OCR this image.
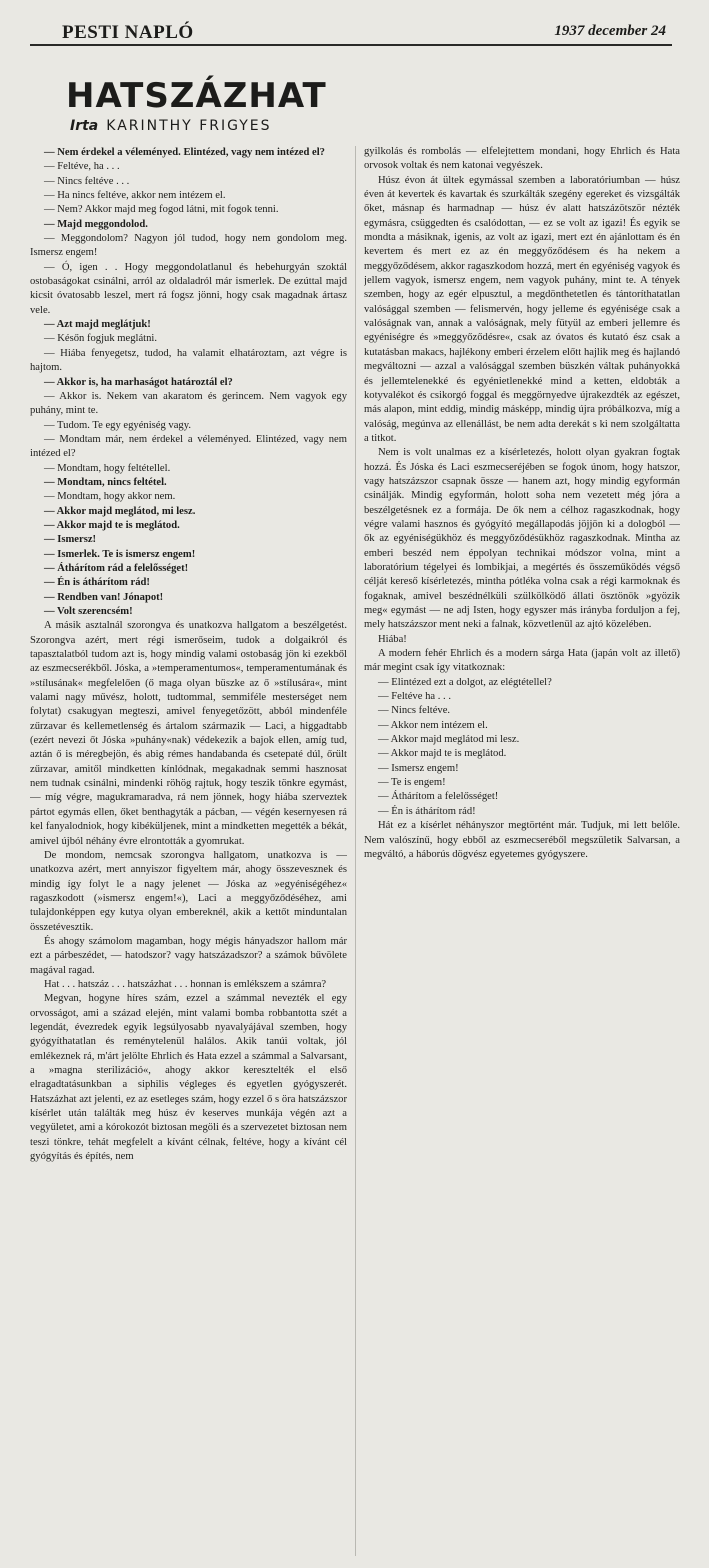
PESTI NAPLÓ	1937 december 24
HATSZÁZHAT
Irta KARINTHY FRIGYES

— Nem érdekel a véleményed. Elintézed, vagy nem intézed el?

— Feltéve, ha . . .

— Nincs feltéve . . .

— Ha nincs feltéve, akkor nem intézem el.

— Nem? Akkor majd meg fogod látni, mit fogok tenni.

— Majd meggondolod.

— Meggondolom? Nagyon jól tudod, hogy nem gondolom meg. Ismersz engem!

— Ó, igen . . Hogy meggondolatlanul és hebehurgyán szoktál ostobaságokat csinálni, arról az oldaladról már ismerlek. De ezúttal majd kicsit óvatosabb leszel, mert rá fogsz jönni, hogy csak magadnak ártasz vele.

— Azt majd meglátjuk!

— Későn fogjuk meglátni.

— Hiába fenyegetsz, tudod, ha valamit elhatároztam, azt végre is hajtom.

— Akkor is, ha marhaságot határoztál el?

— Akkor is. Nekem van akaratom és gerincem. Nem vagyok egy puhány, mint te.

— Tudom. Te egy egyéniség vagy.

— Mondtam már, nem érdekel a véleményed. Elintézed, vagy nem intézed el?

— Mondtam, hogy feltétellel.

— Mondtam, nincs feltétel.

— Mondtam, hogy akkor nem.

— Akkor majd meglátod, mi lesz.

— Akkor majd te is meglátod.

— Ismersz!

— Ismerlek. Te is ismersz engem!

— Áthárítom rád a felelősséget!

— Én is áthárítom rád!

— Rendben van! Jónapot!

— Volt szerencsém!

A másik asztalnál szorongva és unatkozva hallgatom a beszélgetést. Szorongva azért, mert régi ismerőseim, tudok a dolgaikról és tapasztalatból tudom azt is, hogy mindig valami ostobaság jön ki ezekből az eszmecserékből. Jóska, a »temperamentumos«, temperamentumának és »stílusának« megfelelően (ő maga olyan büszke az ő »stílusára«, mint valami nagy művész, holott, tudtommal, semmiféle mesterséget nem folytat) csakugyan megteszi, amivel fenyegetőzött, abból mindenféle zűrzavar és kellemetlenség és ártalom származik — Laci, a higgadtabb (ezért nevezi őt Jóska »puhány«nak) védekezik a bajok ellen, amíg tud, aztán ő is méregbejön, és abig rémes handabanda és csetepaté dúl, őrült zűrzavar, amitől mindketten kínlódnak, megakadnak semmi hasznosat nem tudnak csinálni, mindenki röhög rajtuk, hogy teszik tönkre egymást, — míg végre, magukramaradva, rá nem jönnek, hogy hiába szerveztek pártot egymás ellen, őket benthagyták a pácban, — végén kesernyesen rá kel fanyalodniok, hogy kibéküljenek, mint a mindketten megették a békát, amivel újból néhány évre elrontották a gyomrukat.

De mondom, nemcsak szorongva hallgatom, unatkozva is — unatkozva azért, mert annyiszor figyeltem már, ahogy összevesznek és mindig így folyt le a nagy jelenet — Jóska az »egyéniségéhez« ragaszkodott (»ismersz engem!«), Laci a meggyőződéséhez, ami tulajdonképpen egy kutya olyan embereknél, akik a kettőt minduntalan összetévesztik.

És ahogy számolom magamban, hogy mégis hányadszor hallom már ezt a párbeszédet, — hatodszor? vagy hatszázadszor? a számok bűvölete magával ragad.

Hat . . . hatszáz . . . hatszázhat . . . honnan is emlékszem a számra?

Megvan, hogyne híres szám, ezzel a számmal nevezték el egy orvosságot, ami a század elején, mint valami bomba robbantotta szét a legendát, évezredek egyik legsúlyosabb nyavalyájával szemben, hogy gyógyíthatatlan és reménytelenül halálos. Akik tanúi voltak, jól emlékeznek rá, m'árt jelölte Ehrlich és Hata ezzel a számmal a Salvarsant, a »magna sterilizáció«, ahogy akkor keresztelték el első elragadtatásunkban a siphilis végleges és egyetlen gyógyszerét. Hatszázhat azt jelenti, ez az esetleges szám, hogy ezzel ő s öra hatszázszor kísérlet után találták meg húsz év keserves munkája végén azt a vegyületet, ami a kórokozót biztosan megöli és a szervezetet biztosan nem teszi tönkre, tehát megfelelt a kívánt célnak, feltéve, hogy a kívánt cél gyógyítás és építés, nem

gyilkolás és rombolás — elfelejtettem mondani, hogy Ehrlich és Hata orvosok voltak és nem katonai vegyészek.

Húsz évon át ültek egymással szemben a laboratóriumban — húsz éven át kevertek és kavartak és szurkálták szegény egereket és vizsgálták őket, másnap és harmadnap — húsz év alatt hatszázötször nézték egymásra, csüggedten és csalódottan, — ez se volt az igazi! És egyik se mondta a másiknak, igenis, az volt az igazi, mert ezt én ajánlottam és én kevertem és mert ez az én meggyőződésem és ha nekem a meggyőződésem, akkor ragaszkodom hozzá, mert én egyéniség vagyok és jellem vagyok, ismersz engem, nem vagyok puhány, mint te. A tények szemben, hogy az egér elpusztul, a megdönthetetlen és tántoríthatatlan valósággal szemben — felismervén, hogy jelleme és egyénisége csak a valóságnak van, annak a valóságnak, mely fütyül az emberi jellemre és egyéniségre és »meggyőződésre«, csak az óvatos és kutató ész csak a kutatásban makacs, hajlékony emberi érzelem előtt hajlik meg és hajlandó megváltozni — azzal a valósággal szemben büszkén váltak puhányokká és jellemtelenekké és egyénietlenekké mind a ketten, eldobták a kotyvalékot és csikorgó foggal és meggörnyedve újrakezdték az egészet, más alapon, mint eddig, mindig másképp, mindig újra próbálkozva, míg a valóság, megúnva az ellenállást, be nem adta derekát s ki nem szolgáltatta a titkot.

Nem is volt unalmas ez a kísérletezés, holott olyan gyakran fogtak hozzá. És Jóska és Laci eszmecseréjében se fogok únom, hogy hatszor, vagy hatszázszor csapnak össze — hanem azt, hogy mindig egyformán csinálják. Mindig egyformán, holott soha nem vezetett még jóra a beszélgetésnek ez a formája. De ők nem a célhoz ragaszkodnak, hogy végre valami hasznos és gyógyító megállapodás jöjjön ki a dologból — ők az egyéniségükhöz és meggyőződésükhöz ragaszkodnak. Mintha az emberi beszéd nem éppolyan technikai módszor volna, mint a laboratórium tégelyei és lombikjai, a megértés és összeműködés végső célját kereső kísérletezés, mintha pótléka volna csak a régi karmoknak és fogaknak, amivel beszédnélküli szülkölködő állati ösztönök »gyözik meg« egymást — ne adj Isten, hogy egyszer más irányba forduljon a fej, mely hatszázszor ment neki a falnak, közvetlenül az ajtó közelében.

Hiába!

A modern fehér Ehrlich és a modern sárga Hata (japán volt az illető) már megint csak így vitatkoznak:

— Elintézed ezt a dolgot, az elégtétellel?

— Feltéve ha . . .

— Nincs feltéve.

— Akkor nem intézem el.

— Akkor majd meglátod mi lesz.

— Akkor majd te is meglátod.

— Ismersz engem!

— Te is engem!

— Áthárítom a felelősséget!

— Én is áthárítom rád!

Hát ez a kísérlet néhányszor megtörtént már. Tudjuk, mi lett belőle. Nem valószínű, hogy ebből az eszmecseréből megszületik Salvarsan, a megváltó, a háborús dögvész egyetemes gyógyszere.
